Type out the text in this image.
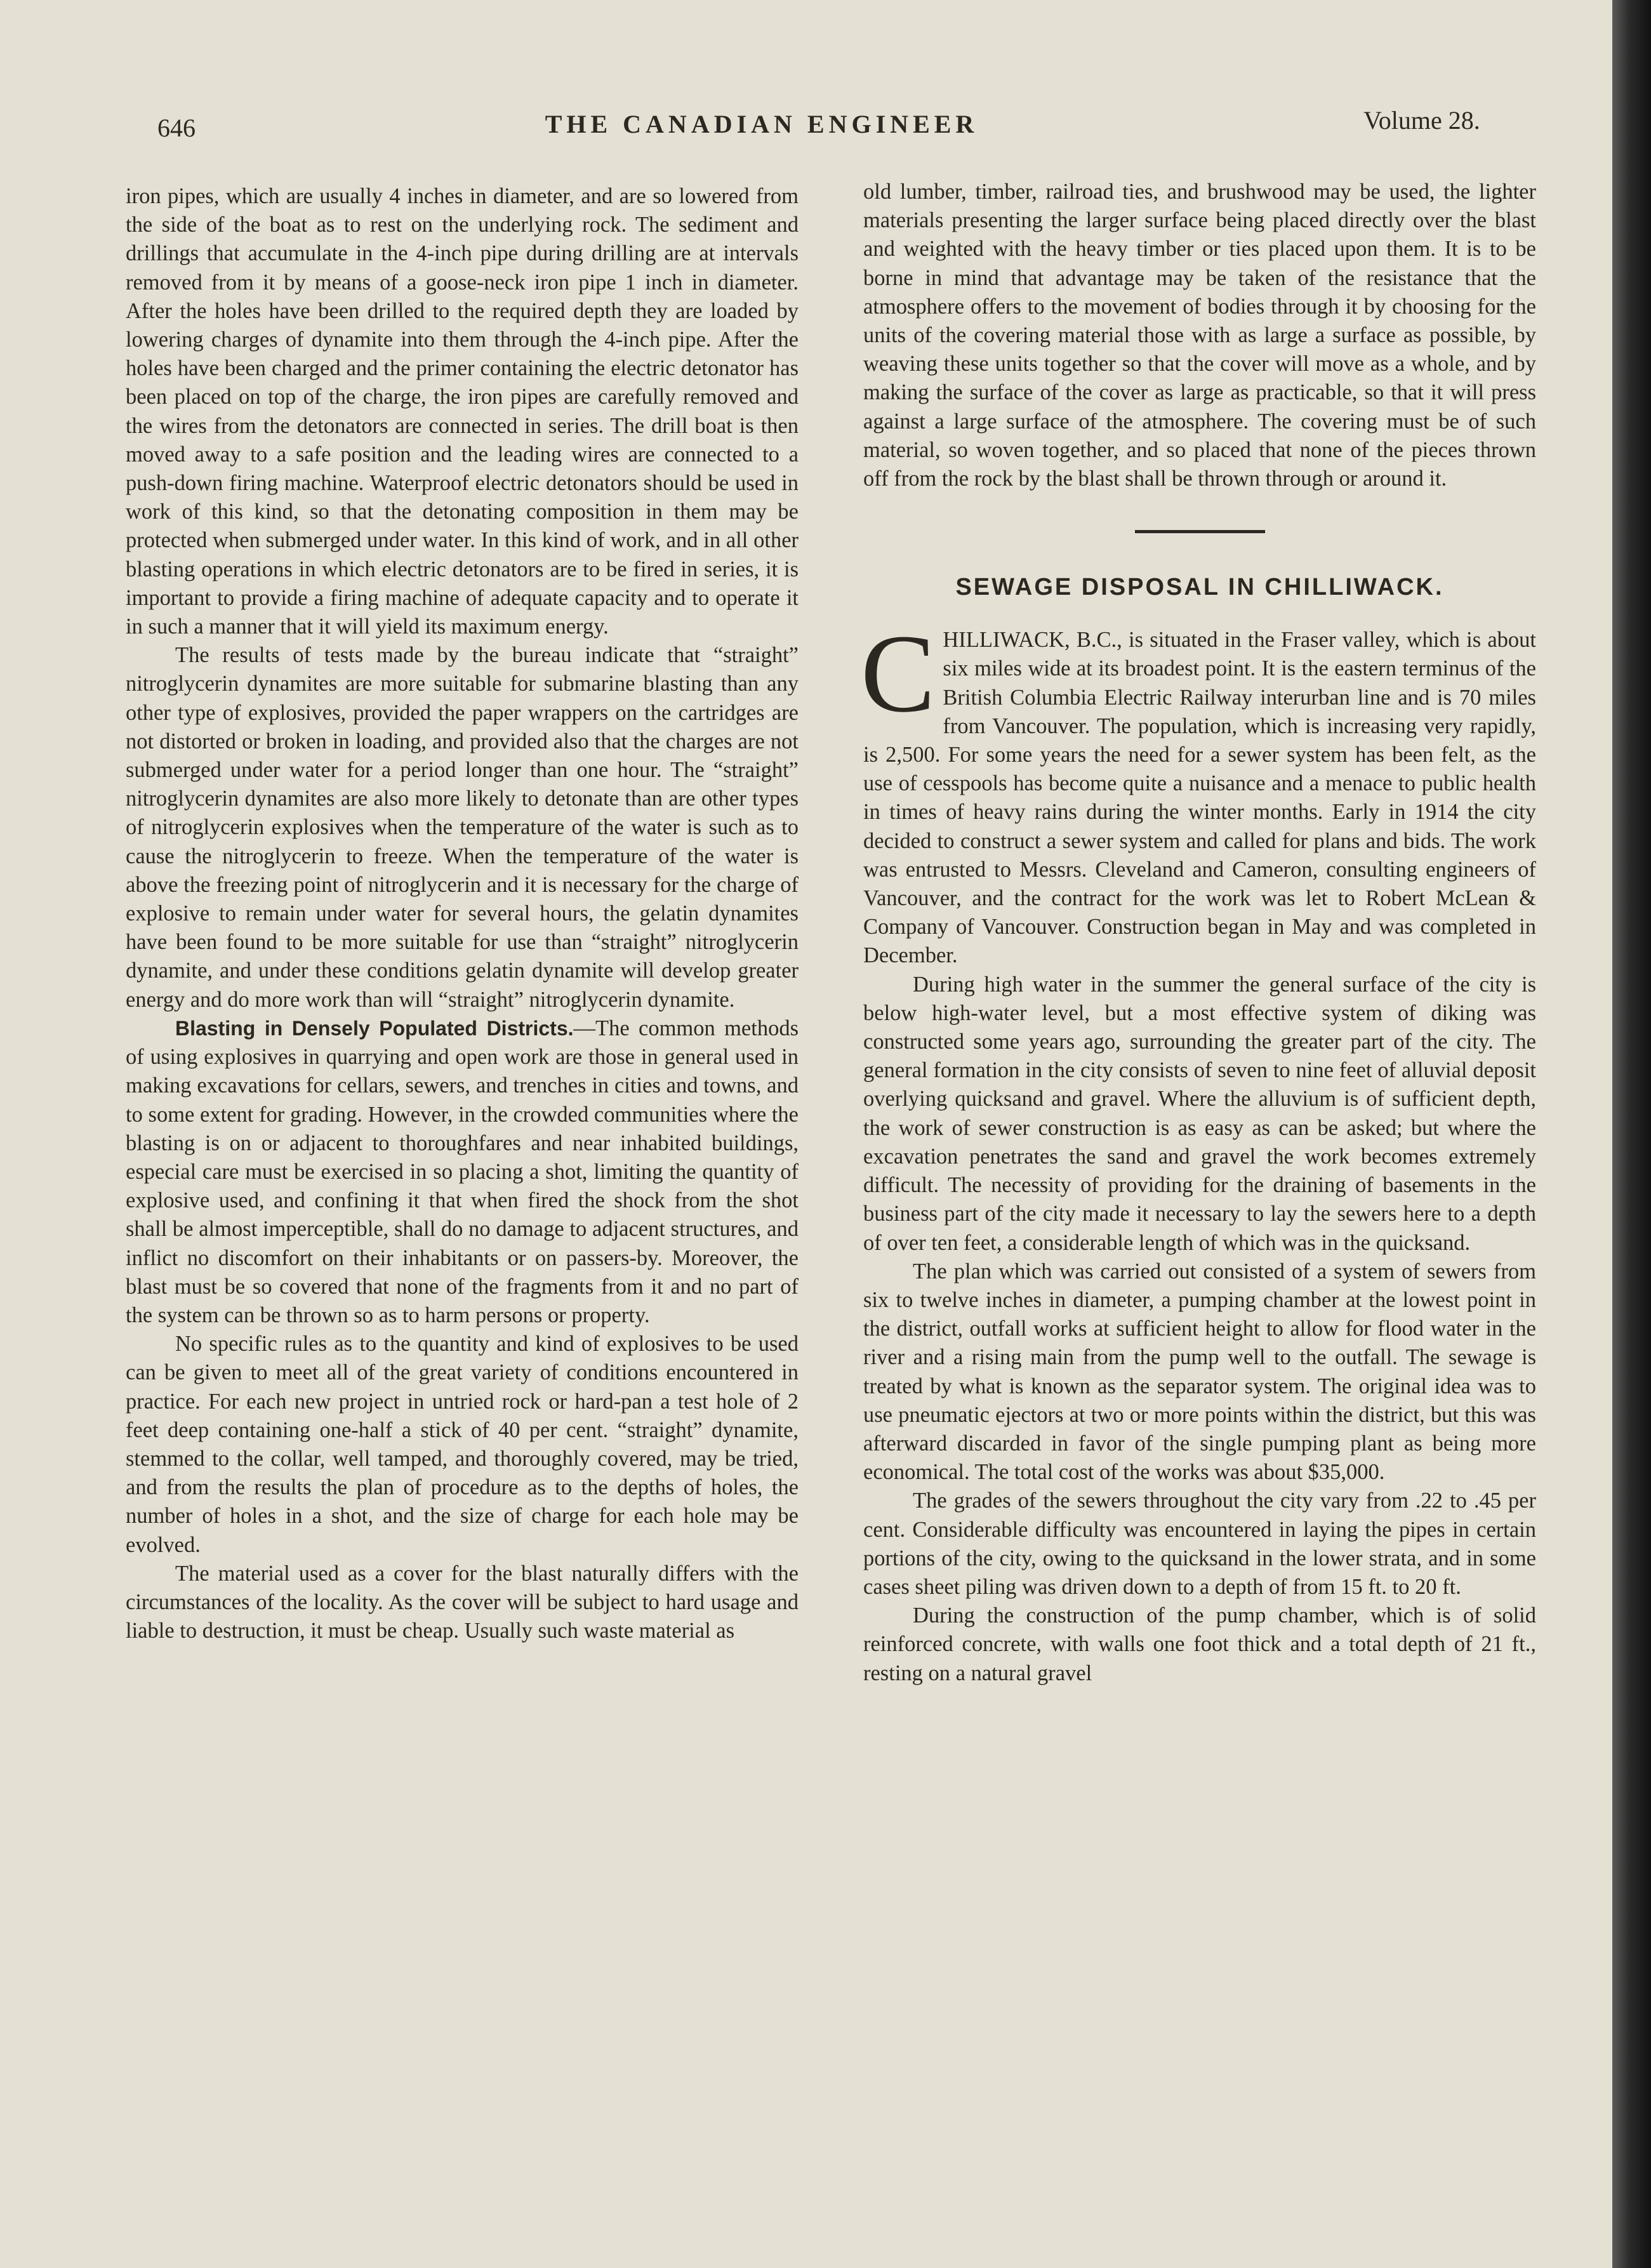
646	THE CANADIAN ENGINEER	Volume 28.

iron pipes, which are usually 4 inches in diameter, and are so lowered from the side of the boat as to rest on the underlying rock. The sediment and drillings that accumulate in the 4-inch pipe during drilling are at intervals removed from it by means of a goose-neck iron pipe 1 inch in diameter. After the holes have been drilled to the required depth they are loaded by lowering charges of dynamite into them through the 4-inch pipe. After the holes have been charged and the primer containing the electric detonator has been placed on top of the charge, the iron pipes are carefully removed and the wires from the detonators are connected in series. The drill boat is then moved away to a safe position and the leading wires are connected to a push-down firing machine. Waterproof electric detonators should be used in work of this kind, so that the detonating composition in them may be protected when submerged under water. In this kind of work, and in all other blasting operations in which electric detonators are to be fired in series, it is important to provide a firing machine of adequate capacity and to operate it in such a manner that it will yield its maximum energy.

The results of tests made by the bureau indicate that “straight” nitroglycerin dynamites are more suitable for submarine blasting than any other type of explosives, provided the paper wrappers on the cartridges are not distorted or broken in loading, and provided also that the charges are not submerged under water for a period longer than one hour. The “straight” nitroglycerin dynamites are also more likely to detonate than are other types of nitroglycerin explosives when the temperature of the water is such as to cause the nitroglycerin to freeze. When the temperature of the water is above the freezing point of nitroglycerin and it is necessary for the charge of explosive to remain under water for several hours, the gelatin dynamites have been found to be more suitable for use than “straight” nitroglycerin dynamite, and under these conditions gelatin dynamite will develop greater energy and do more work than will “straight” nitroglycerin dynamite.

Blasting in Densely Populated Districts.—The common methods of using explosives in quarrying and open work are those in general used in making excavations for cellars, sewers, and trenches in cities and towns, and to some extent for grading. However, in the crowded communities where the blasting is on or adjacent to thoroughfares and near inhabited buildings, especial care must be exercised in so placing a shot, limiting the quantity of explosive used, and confining it that when fired the shock from the shot shall be almost imperceptible, shall do no damage to adjacent structures, and inflict no discomfort on their inhabitants or on passers-by. Moreover, the blast must be so covered that none of the fragments from it and no part of the system can be thrown so as to harm persons or property.

No specific rules as to the quantity and kind of explosives to be used can be given to meet all of the great variety of conditions encountered in practice. For each new project in untried rock or hard-pan a test hole of 2 feet deep containing one-half a stick of 40 per cent. “straight” dynamite, stemmed to the collar, well tamped, and thoroughly covered, may be tried, and from the results the plan of procedure as to the depths of holes, the number of holes in a shot, and the size of charge for each hole may be evolved.

The material used as a cover for the blast naturally differs with the circumstances of the locality. As the cover will be subject to hard usage and liable to destruction, it must be cheap. Usually such waste material as

old lumber, timber, railroad ties, and brushwood may be used, the lighter materials presenting the larger surface being placed directly over the blast and weighted with the heavy timber or ties placed upon them. It is to be borne in mind that advantage may be taken of the resistance that the atmosphere offers to the movement of bodies through it by choosing for the units of the covering material those with as large a surface as possible, by weaving these units together so that the cover will move as a whole, and by making the surface of the cover as large as practicable, so that it will press against a large surface of the atmosphere. The covering must be of such material, so woven together, and so placed that none of the pieces thrown off from the rock by the blast shall be thrown through or around it.

SEWAGE DISPOSAL IN CHILLIWACK.

CHILLIWACK, B.C., is situated in the Fraser valley, which is about six miles wide at its broadest point. It is the eastern terminus of the British Columbia Electric Railway interurban line and is 70 miles from Vancouver. The population, which is increasing very rapidly, is 2,500. For some years the need for a sewer system has been felt, as the use of cesspools has become quite a nuisance and a menace to public health in times of heavy rains during the winter months. Early in 1914 the city decided to construct a sewer system and called for plans and bids. The work was entrusted to Messrs. Cleveland and Cameron, consulting engineers of Vancouver, and the contract for the work was let to Robert McLean & Company of Vancouver. Construction began in May and was completed in December.

During high water in the summer the general surface of the city is below high-water level, but a most effective system of diking was constructed some years ago, surrounding the greater part of the city. The general formation in the city consists of seven to nine feet of alluvial deposit overlying quicksand and gravel. Where the alluvium is of sufficient depth, the work of sewer construction is as easy as can be asked; but where the excavation penetrates the sand and gravel the work becomes extremely difficult. The necessity of providing for the draining of basements in the business part of the city made it necessary to lay the sewers here to a depth of over ten feet, a considerable length of which was in the quicksand.

The plan which was carried out consisted of a system of sewers from six to twelve inches in diameter, a pumping chamber at the lowest point in the district, outfall works at sufficient height to allow for flood water in the river and a rising main from the pump well to the outfall. The sewage is treated by what is known as the separator system. The original idea was to use pneumatic ejectors at two or more points within the district, but this was afterward discarded in favor of the single pumping plant as being more economical. The total cost of the works was about $35,000.

The grades of the sewers throughout the city vary from .22 to .45 per cent. Considerable difficulty was encountered in laying the pipes in certain portions of the city, owing to the quicksand in the lower strata, and in some cases sheet piling was driven down to a depth of from 15 ft. to 20 ft.

During the construction of the pump chamber, which is of solid reinforced concrete, with walls one foot thick and a total depth of 21 ft., resting on a natural gravel
